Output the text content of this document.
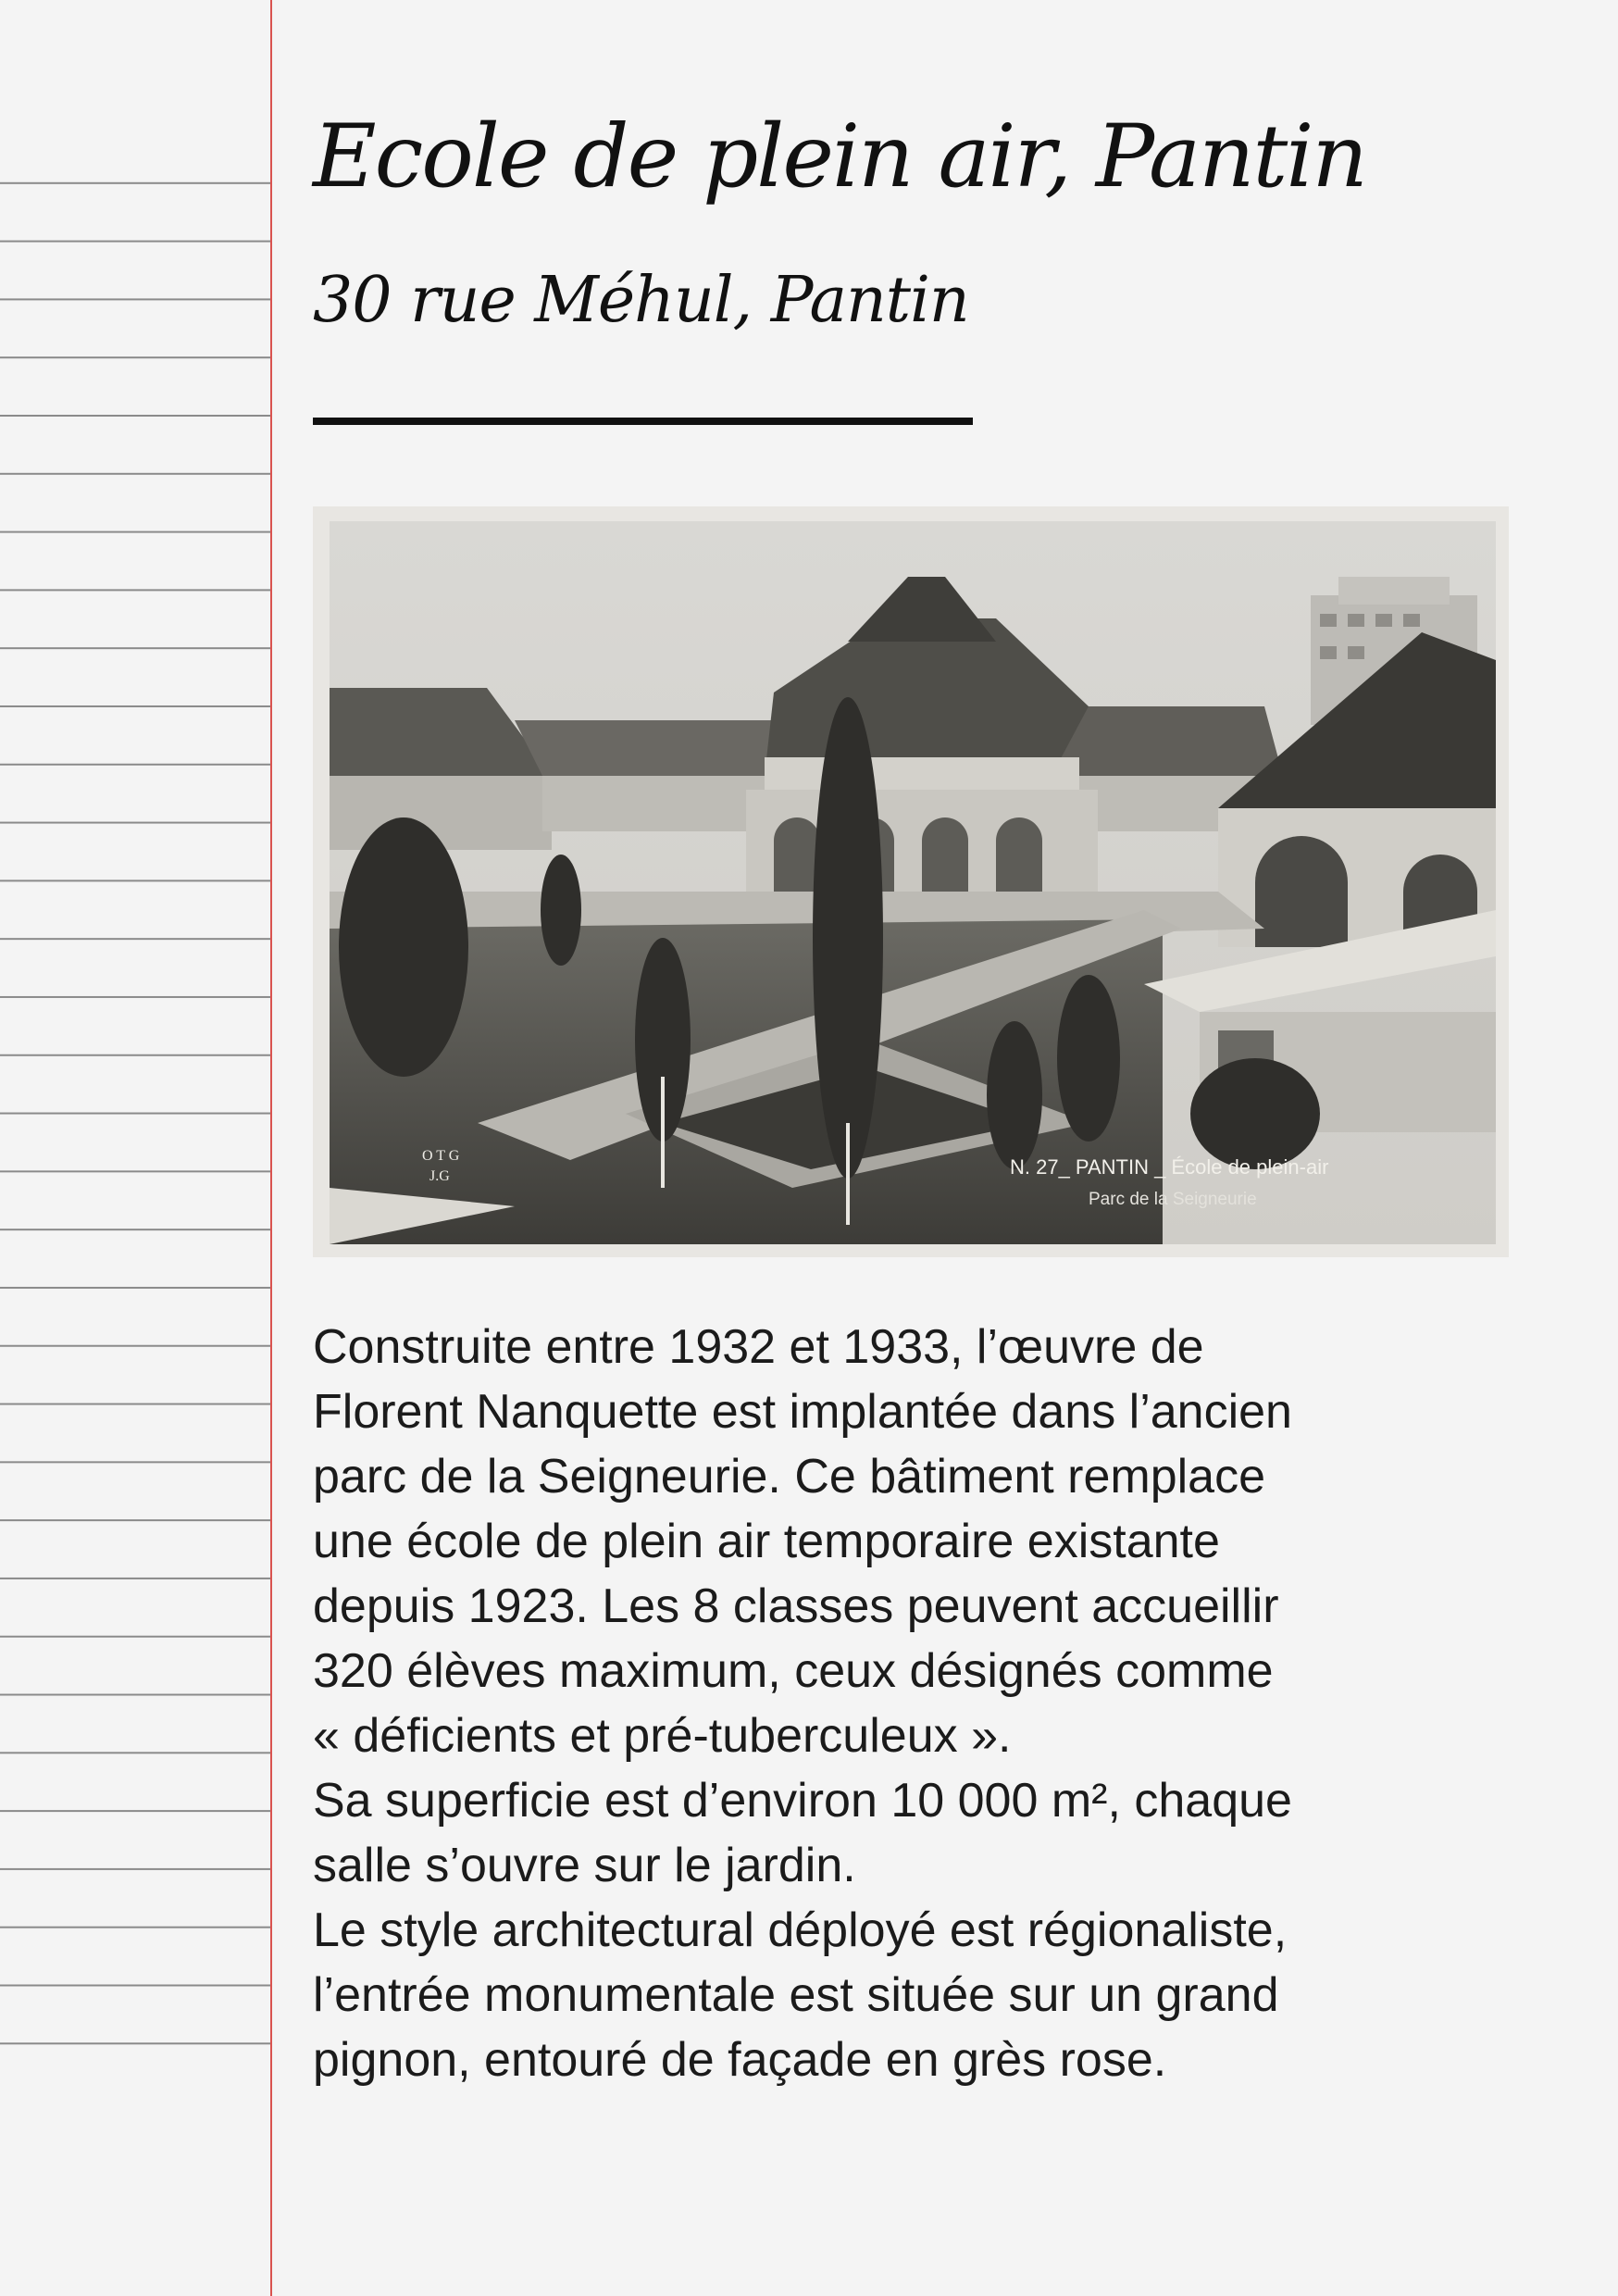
Ecole de plein air, Pantin
30 rue Méhul, Pantin
N. 27_ PANTIN _ École de plein-air
Parc de la Seigneurie
O T G
J.G

Construite entre 1932 et 1933, l’œuvre de
Florent Nanquette est implantée dans l’ancien
parc de la Seigneurie. Ce bâtiment remplace
une école de plein air temporaire existante
depuis 1923. Les 8 classes peuvent accueillir
320 élèves maximum, ceux désignés comme
« déficients et pré-tuberculeux ».
Sa superficie est d’environ 10 000 m², chaque
salle s’ouvre sur le jardin.
Le style architectural déployé est régionaliste,
l’entrée monumentale est située sur un grand
pignon, entouré de façade en grès rose.
